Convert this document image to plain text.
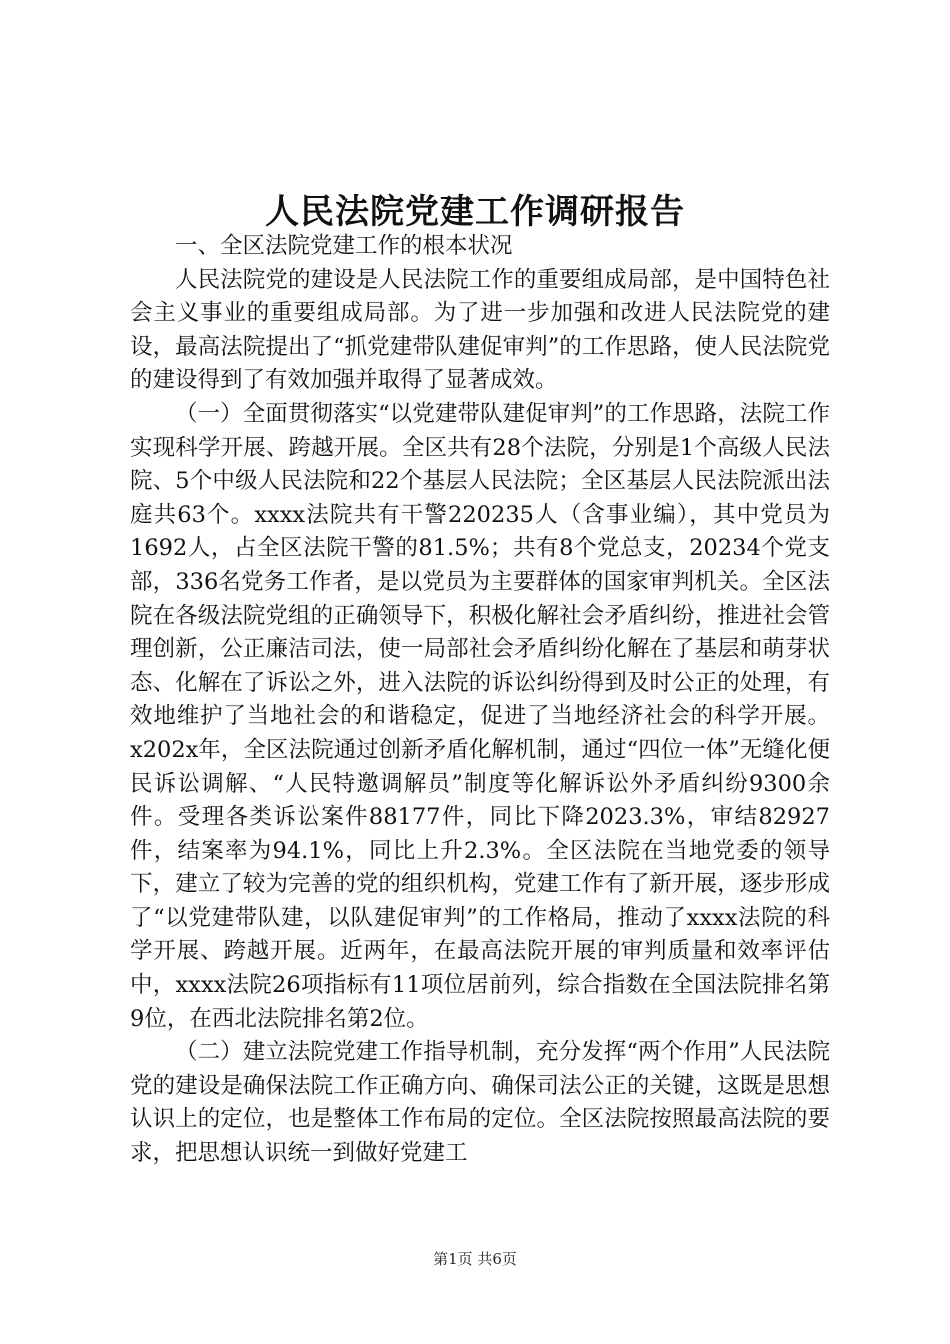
人民法院党建工作调研报告

一、全区法院党建工作的根本状况

人民法院党的建设是人民法院工作的重要组成局部，是中国特色社会主义事业的重要组成局部。为了进一步加强和改进人民法院党的建设，最高法院提出了“抓党建带队建促审判”的工作思路，使人民法院党的建设得到了有效加强并取得了显著成效。

（一）全面贯彻落实“以党建带队建促审判”的工作思路，法院工作实现科学开展、跨越开展。全区共有28个法院，分别是1个高级人民法院、5个中级人民法院和22个基层人民法院；全区基层人民法院派出法庭共63个。xxxx法院共有干警220235人（含事业编），其中党员为1692人，占全区法院干警的81.5%；共有8个党总支，20234个党支部，336名党务工作者，是以党员为主要群体的国家审判机关。全区法院在各级法院党组的正确领导下，积极化解社会矛盾纠纷，推进社会管理创新，公正廉洁司法，使一局部社会矛盾纠纷化解在了基层和萌芽状态、化解在了诉讼之外，进入法院的诉讼纠纷得到及时公正的处理，有效地维护了当地社会的和谐稳定，促进了当地经济社会的科学开展。x202x年，全区法院通过创新矛盾化解机制，通过“四位一体”无缝化便民诉讼调解、“人民特邀调解员”制度等化解诉讼外矛盾纠纷9300余件。受理各类诉讼案件88177件，同比下降2023.3%，审结82927件，结案率为94.1%，同比上升2.3%。全区法院在当地党委的领导下，建立了较为完善的党的组织机构，党建工作有了新开展，逐步形成了“以党建带队建，以队建促审判”的工作格局，推动了xxxx法院的科学开展、跨越开展。近两年，在最高法院开展的审判质量和效率评估中，xxxx法院26项指标有11项位居前列，综合指数在全国法院排名第9位，在西北法院排名第2位。

（二）建立法院党建工作指导机制，充分发挥“两个作用”人民法院党的建设是确保法院工作正确方向、确保司法公正的关键，这既是思想认识上的定位，也是整体工作布局的定位。全区法院按照最高法院的要求，把思想认识统一到做好党建工

第1页 共6页
